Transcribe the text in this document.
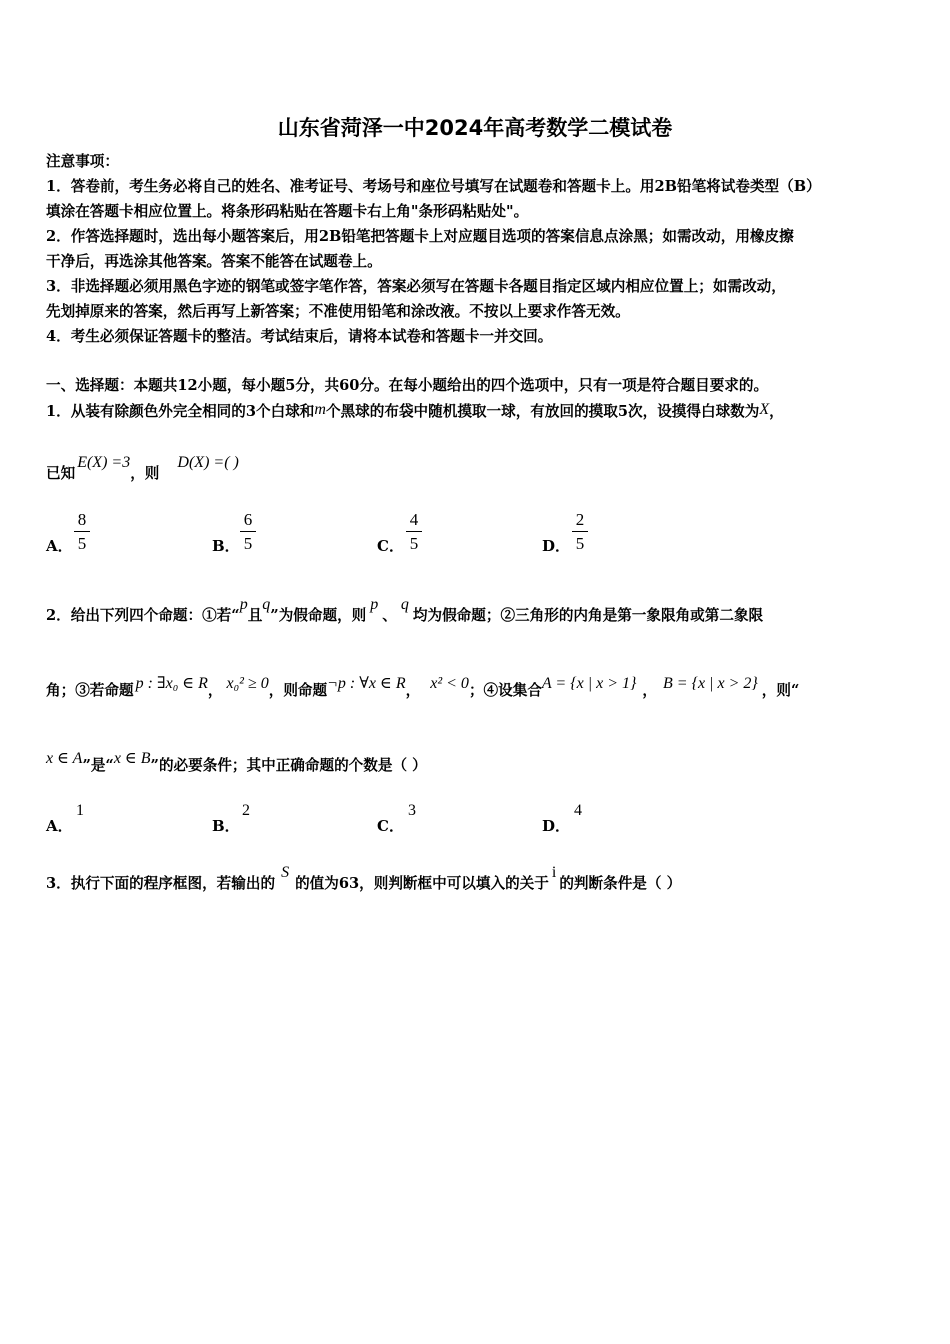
山东省菏泽一中2024年高考数学二模试卷
注意事项：
1．答卷前，考生务必将自己的姓名、准考证号、考场号和座位号填写在试题卷和答题卡上。用2B铅笔将试卷类型（B）
填涂在答题卡相应位置上。将条形码粘贴在答题卡右上角"条形码粘贴处"。
2．作答选择题时，选出每小题答案后，用2B铅笔把答题卡上对应题目选项的答案信息点涂黑；如需改动，用橡皮擦
干净后，再选涂其他答案。答案不能答在试题卷上。
3．非选择题必须用黑色字迹的钢笔或签字笔作答，答案必须写在答题卡各题目指定区域内相应位置上；如需改动，
先划掉原来的答案，然后再写上新答案；不准使用铅笔和涂改液。不按以上要求作答无效。
4．考生必须保证答题卡的整洁。考试结束后，请将本试卷和答题卡一并交回。
一、选择题：本题共12小题，每小题5分，共60分。在每小题给出的四个选项中，只有一项是符合题目要求的。
1．从装有除颜色外完全相同的3个白球和m个黑球的布袋中随机摸取一球，有放回的摸取5次，设摸得白球数为X，
已知E(X) =3，则D(X) =( )
A．
8
5	B．
6
5	C．
4
5	D．
2
5
2．给出下列四个命题：①若“p且q”为假命题，则p、q均为假命题；②三角形的内角是第一象限角或第二象限
角；③若命题 p : ∃x₀ ∈ R， x₀² ≥ 0，则命题¬p : ∀x ∈ R， x² < 0；④设集合A = {x | x > 1} ， B = {x | x > 2} ，则“
x ∈ A”是“x ∈ B”的必要条件；其中正确命题的个数是（ ）
A．
1
B．
2
C．
3
D．
4
3．执行下面的程序框图，若输出的S的值为63，则判断框中可以填入的关于i的判断条件是（ ）
